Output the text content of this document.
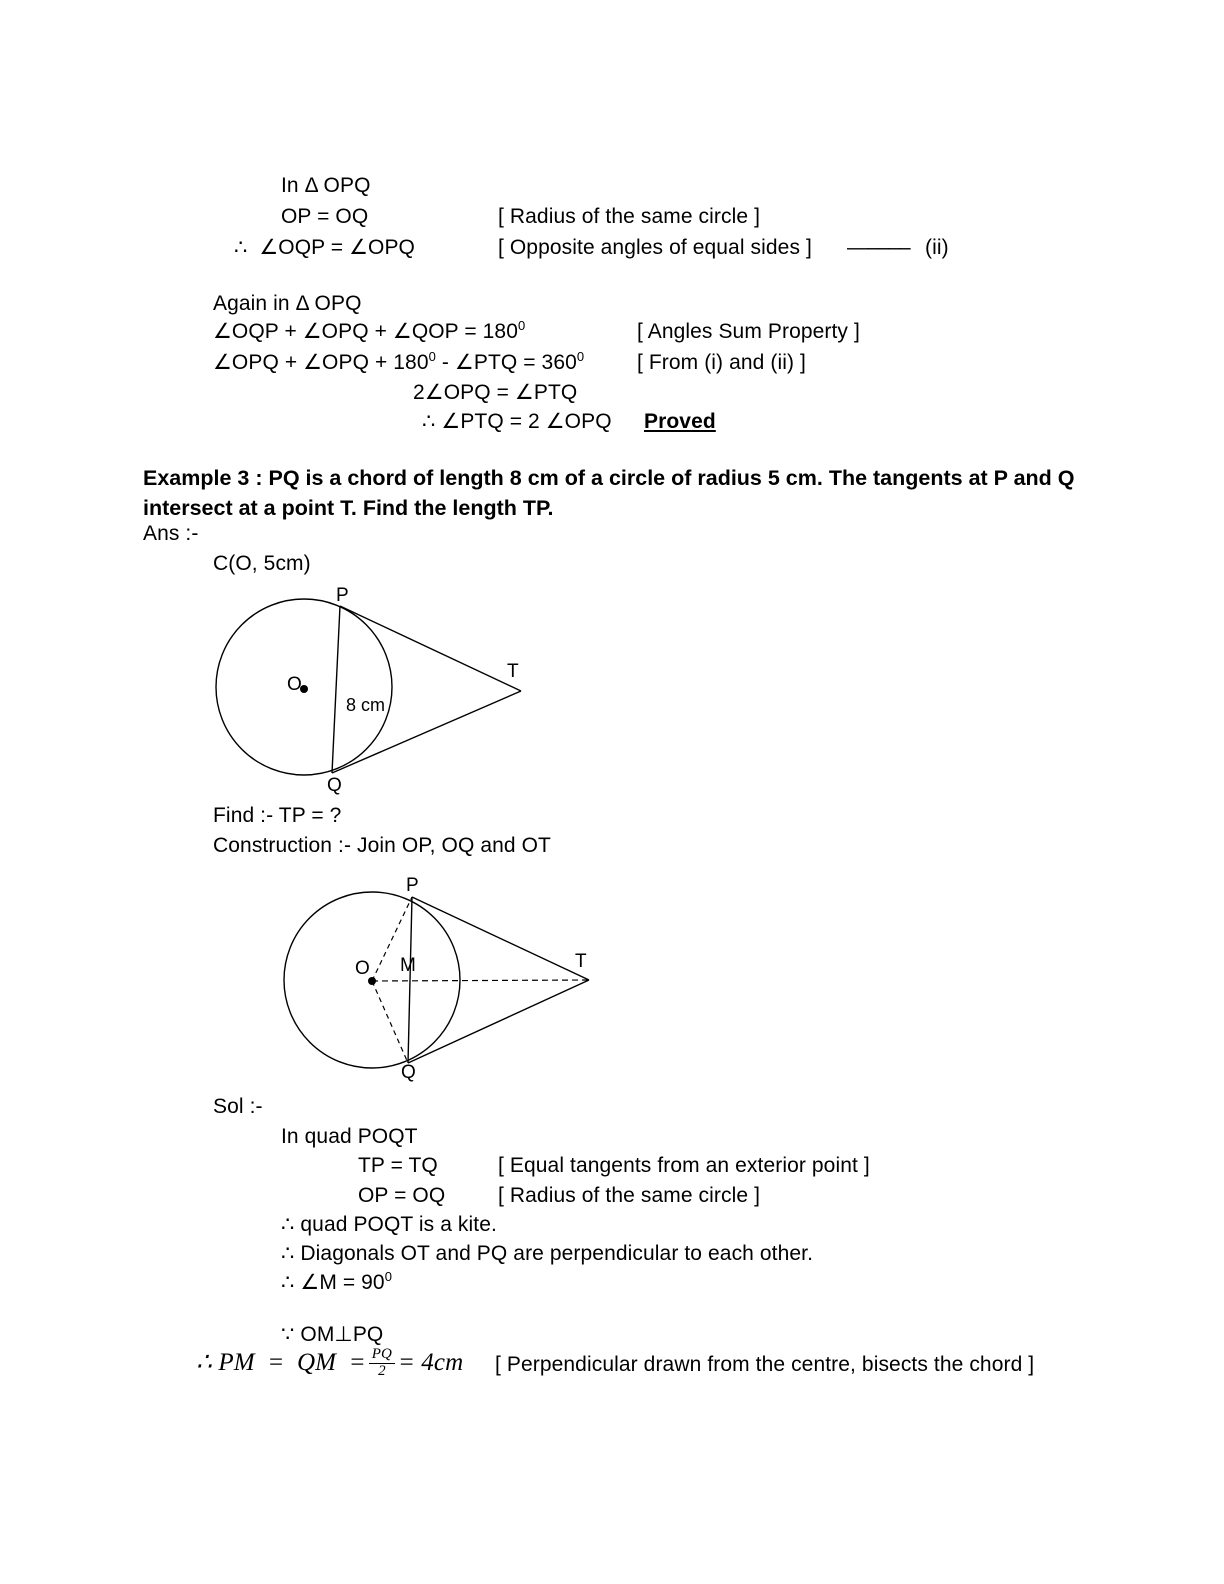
In Δ OPQ
OP = OQ	[ Radius of the same circle ]
∴  ∠OQP = ∠OPQ	[ Opposite angles of equal sides ] —–––– (ii)
Again in Δ OPQ
∠OQP + ∠OPQ + ∠QOP = $180^0$	[ Angles Sum Property ]
∠OPQ + ∠OPQ + $180^0$ - ∠PTQ = $360^0$	[ From (i) and (ii) ]
2∠OPQ = ∠PTQ
∴ ∠PTQ = 2 ∠OPQ Proved
Example 3 : PQ is a chord of length 8 cm of a circle of radius 5 cm. The tangents at P and Q intersect at a point T. Find the length TP.
Ans :-
C(O, 5cm)
P
Q
O
T
8 cm
Find :- TP = ?
Construction :- Join OP, OQ and OT
P
Q
O M	T
Sol :-
In quad POQT
TP = TQ	[ Equal tangents from an exterior point ]
OP = OQ	[ Radius of the same circle ]
∴ quad POQT is a kite.
∴ Diagonals OT and PQ are perpendicular to each other.
∴ ∠M = $90^0$
∵ OM⊥PQ
∴ PM  =  QM  = $\frac{PQ}{2} = 4cm$ [ Perpendicular drawn from the centre, bisects the chord ]
